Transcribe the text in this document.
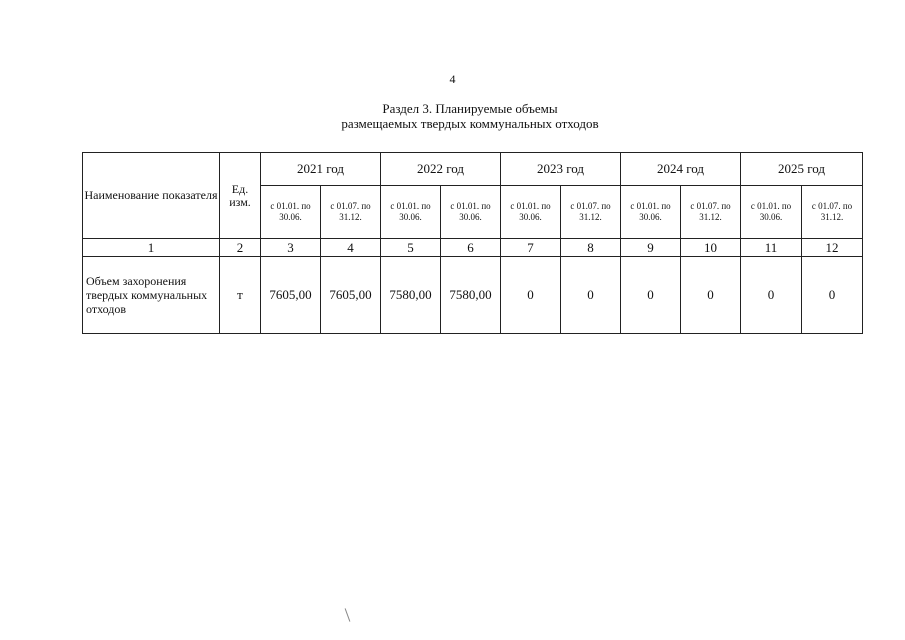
4
Раздел 3. Планируемые объемы
размещаемых твердых коммунальных отходов
Наименование показателя	Ед. изм.	2021 год		2022 год		2023 год		2024 год		2025 год	
		с 01.01. по 30.06.	с 01.07. по 31.12.	с 01.01. по 30.06.	с 01.01. по 30.06.	с 01.01. по 30.06.	с 01.07. по 31.12.	с 01.01. по 30.06.	с 01.07. по 31.12.	с 01.01. по 30.06.	с 01.07. по 31.12.
1	2	3	4	5	6	7	8	9	10	11	12
Объем захоронения твердых коммунальных отходов	т	7605,00	7605,00	7580,00	7580,00	0	0	0	0	0	0
